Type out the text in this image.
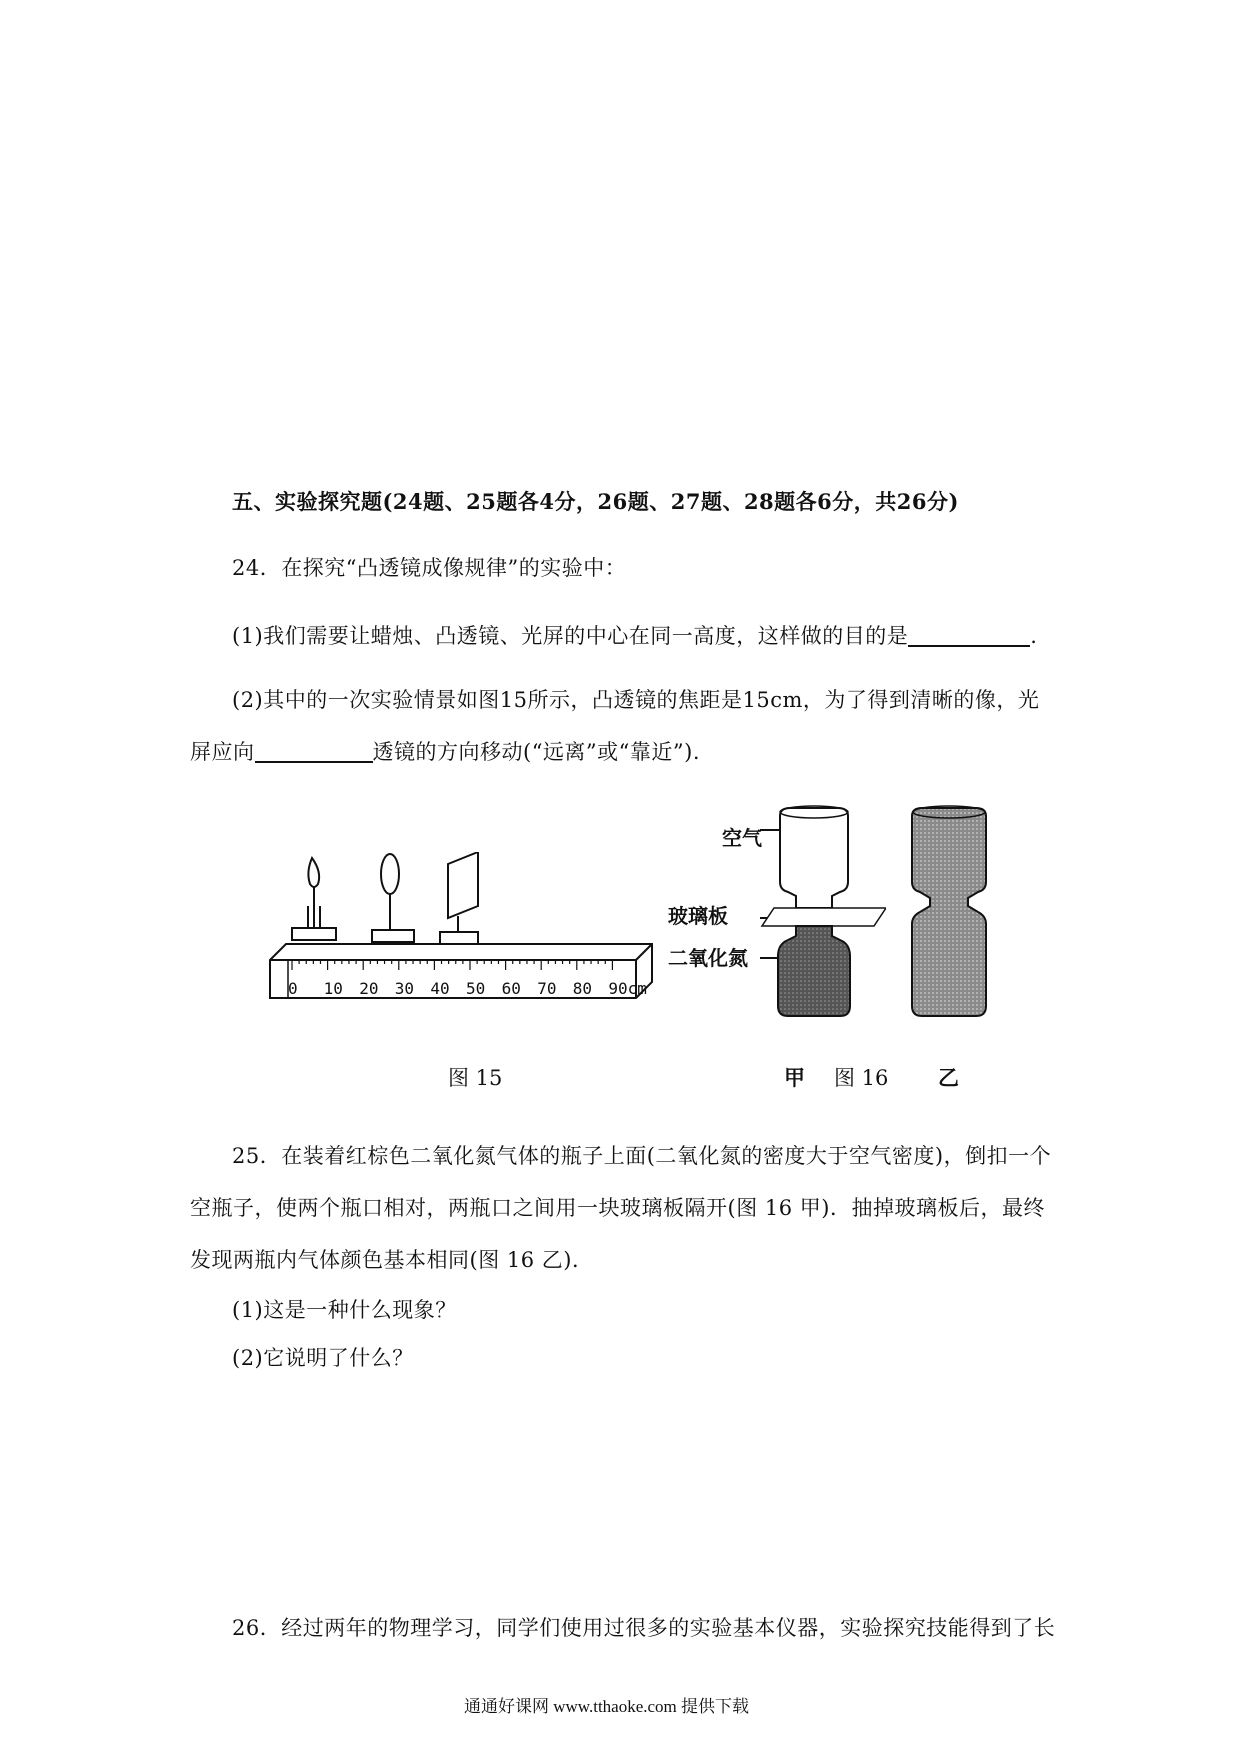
五、实验探究题(24题、25题各4分，26题、27题、28题各6分，共26分)
24．在探究“凸透镜成像规律”的实验中：
(1)我们需要让蜡烛、凸透镜、光屏的中心在同一高度，这样做的目的是	.
(2)其中的一次实验情景如图15所示，凸透镜的焦距是15cm，为了得到清晰的像，光
屏应向	透镜的方向移动(“远离”或“靠近”).
0 10 20 30 40 50 60 70 80 90cm
图 15
空气
玻璃板
二氧化氮
甲 图 16 乙
25．在装着红棕色二氧化氮气体的瓶子上面(二氧化氮的密度大于空气密度)，倒扣一个
空瓶子，使两个瓶口相对，两瓶口之间用一块玻璃板隔开(图 16 甲)．抽掉玻璃板后，最终
发现两瓶内气体颜色基本相同(图 16 乙)．
(1)这是一种什么现象？
(2)它说明了什么？
26．经过两年的物理学习，同学们使用过很多的实验基本仪器，实验探究技能得到了长
通通好课网 www.tthaoke.com 提供下载
